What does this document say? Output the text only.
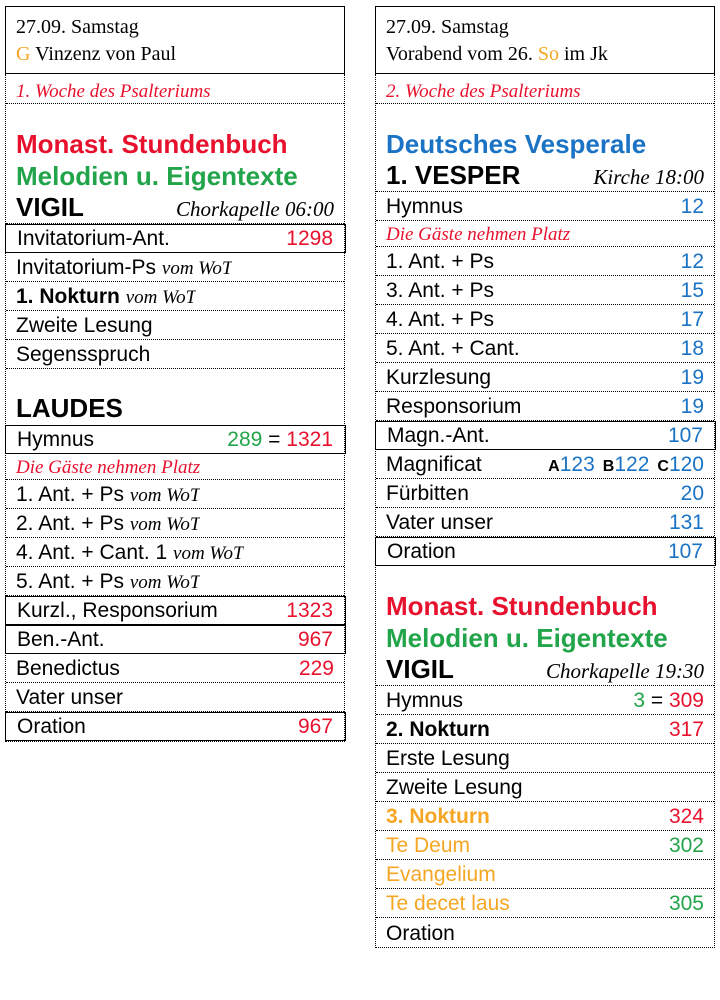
27.09. Samstag
G Vinzenz von Paul
1. Woche des Psalteriums
Monast. Stundenbuch
Melodien u. Eigentexte
VIGIL	Chorkapelle 06:00
Invitatorium-Ant.	1298
Invitatorium-Ps vom WoT
1. Nokturn vom WoT
Zweite Lesung
Segensspruch
LAUDES
Hymnus	289 = 1321
Die Gäste nehmen Platz
1. Ant. + Ps vom WoT
2. Ant. + Ps vom WoT
4. Ant. + Cant. 1 vom WoT
5. Ant. + Ps vom WoT
Kurzl., Responsorium	1323
Ben.-Ant.	967
Benedictus	229
Vater unser
Oration	967
27.09. Samstag
Vorabend vom 26. So im Jk
2. Woche des Psalteriums
Deutsches Vesperale
1. VESPER	Kirche 18:00
Hymnus	12
Die Gäste nehmen Platz
1. Ant. + Ps	12
3. Ant. + Ps	15
4. Ant. + Ps	17
5. Ant. + Cant.	18
Kurzlesung	19
Responsorium	19
Magn.-Ant.	107
Magnificat	A123 B122 C120
Fürbitten	20
Vater unser	131
Oration	107
Monast. Stundenbuch
Melodien u. Eigentexte
VIGIL	Chorkapelle 19:30
Hymnus	3 = 309
2. Nokturn	317
Erste Lesung
Zweite Lesung
3. Nokturn	324
Te Deum	302
Evangelium
Te decet laus	305
Oration
